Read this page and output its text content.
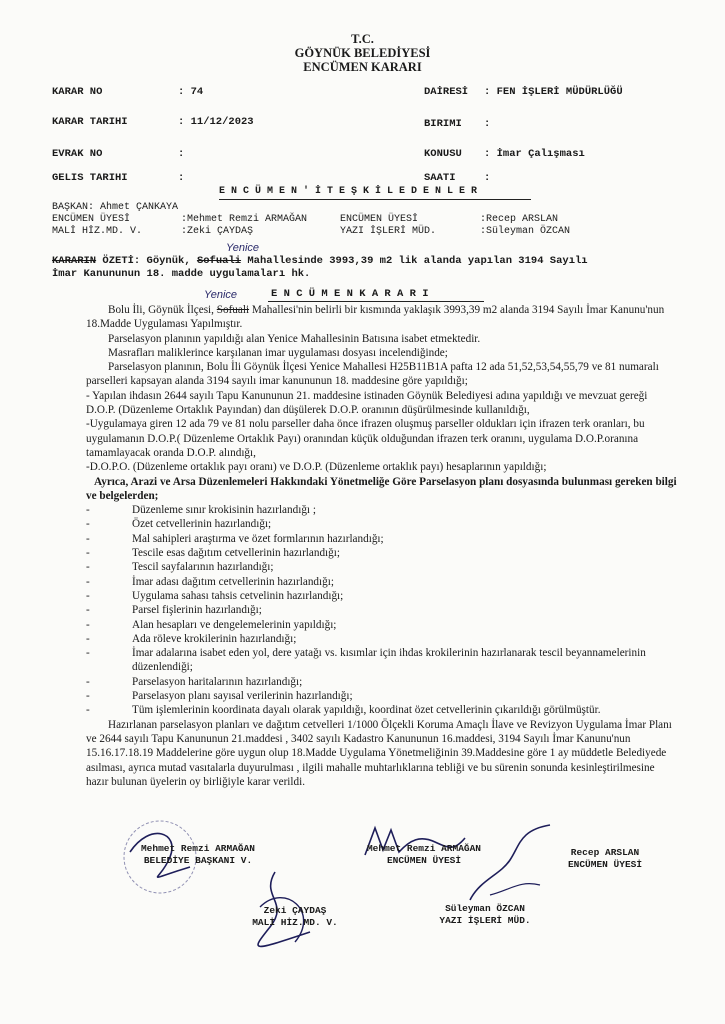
T.C.
GÖYNÜK BELEDİYESİ
ENCÜMEN KARARI
KARAR NO	: 74
KARAR TARIHI	: 11/12/2023
EVRAK NO	:
GELIS TARIHI	:
DAİRESİ : FEN İŞLERİ MÜDÜRLÜĞÜ
BIRIMI :
KONUSU : İmar Çalışması
SAATI	:
E N C Ü M E N ' İ T E Ş K İ L E D E N L E R
BAŞKAN: Ahmet ÇANKAYA
ENCÜMEN ÜYESİ	:Mehmet Remzi ARMAĞAN	ENCÜMEN ÜYESİ	:Recep ARSLAN
MALİ HİZ.MD. V.	:Zeki ÇAYDAŞ	YAZI İŞLERİ MÜD.	:Süleyman ÖZCAN
Yenice
KARARIN ÖZETİ: Göynük, Sofuali Mahallesinde 3993,39 m2 lik alanda yapılan 3194 Sayılı
İmar Kanununun 18. madde uygulamaları hk.
Yenice	E N C Ü M E N K A R A R I

Bolu İli, Göynük İlçesi, Sofuali Mahallesi'nin belirli bir kısmında yaklaşık 3993,39 m2 alanda 3194 Sayılı İmar Kanunu'nun 18.Madde Uygulaması Yapılmıştır.

Parselasyon planının yapıldığı alan Yenice Mahallesinin Batısına isabet etmektedir.

Masrafları maliklerince karşılanan imar uygulaması dosyası incelendiğinde;

Parselasyon planının, Bolu İli Göynük İlçesi Yenice Mahallesi H25B11B1A pafta 12 ada 51,52,53,54,55,79 ve 81 numaralı parselleri kapsayan alanda 3194 sayılı imar kanununun 18. maddesine göre yapıldığı;

- Yapılan ihdasın 2644 sayılı Tapu Kanununun 21. maddesine istinaden Göynük Belediyesi adına yapıldığı ve mevzuat gereği D.O.P. (Düzenleme Ortaklık Payından) dan düşülerek D.O.P. oranının düşürülmesinde kullanıldığı,

-Uygulamaya giren 12 ada 79 ve 81 nolu parseller daha önce ifrazen oluşmuş parseller oldukları için ifrazen terk oranları, bu uygulamanın D.O.P.( Düzenleme Ortaklık Payı) oranından küçük olduğundan ifrazen terk oranını, uygulama D.O.P.oranına tamamlayacak oranda D.O.P. alındığı,

-D.O.P.O. (Düzenleme ortaklık payı oranı) ve D.O.P. (Düzenleme ortaklık payı) hesaplarının yapıldığı;

Ayrıca, Arazi ve Arsa Düzenlemeleri Hakkındaki Yönetmeliğe Göre Parselasyon planı dosyasında bulunması gereken bilgi ve belgelerden;

-	Düzenleme sınır krokisinin hazırlandığı ;
-	Özet cetvellerinin hazırlandığı;
-	Mal sahipleri araştırma ve özet formlarının hazırlandığı;
-	Tescile esas dağıtım cetvellerinin hazırlandığı;
-	Tescil sayfalarının hazırlandığı;
-	İmar adası dağıtım cetvellerinin hazırlandığı;
-	Uygulama sahası tahsis cetvelinin hazırlandığı;
-	Parsel fişlerinin hazırlandığı;
-	Alan hesapları ve dengelemelerinin yapıldığı;
-	Ada röleve krokilerinin hazırlandığı;
-	İmar adalarına isabet eden yol, dere yatağı vs. kısımlar için ihdas krokilerinin hazırlanarak tescil beyannamelerinin düzenlendiği;
-	Parselasyon haritalarının hazırlandığı;
-	Parselasyon planı sayısal verilerinin hazırlandığı;
-	Tüm işlemlerinin koordinata dayalı olarak yapıldığı, koordinat özet cetvellerinin çıkarıldığı görülmüştür.

Hazırlanan parselasyon planları ve dağıtım cetvelleri 1/1000 Ölçekli Koruma Amaçlı İlave ve Revizyon Uygulama İmar Planı ve 2644 sayılı Tapu Kanununun 21.maddesi , 3402 sayılı Kadastro Kanununun 16.maddesi, 3194 Sayılı İmar Kanunu'nun 15.16.17.18.19 Maddelerine göre uygun olup 18.Madde Uygulama Yönetmeliğinin 39.Maddesine göre 1 ay müddetle Belediyede asılması, ayrıca mutad vasıtalarla duyurulması , ilgili mahalle muhtarlıklarına tebliği ve bu sürenin sonunda kesinleştirilmesine hazır bulunan üyelerin oy birliğiyle karar verildi.

Mehmet Remzi ARMAĞAN
BELEDİYE BAŞKANI V.
Mehmet Remzi ARMAĞAN
ENCÜMEN ÜYESİ
Recep ARSLAN
ENCÜMEN ÜYESİ
Zeki ÇAYDAŞ
MALİ HİZ.MD. V.
Süleyman ÖZCAN
YAZI İŞLERİ MÜD.
